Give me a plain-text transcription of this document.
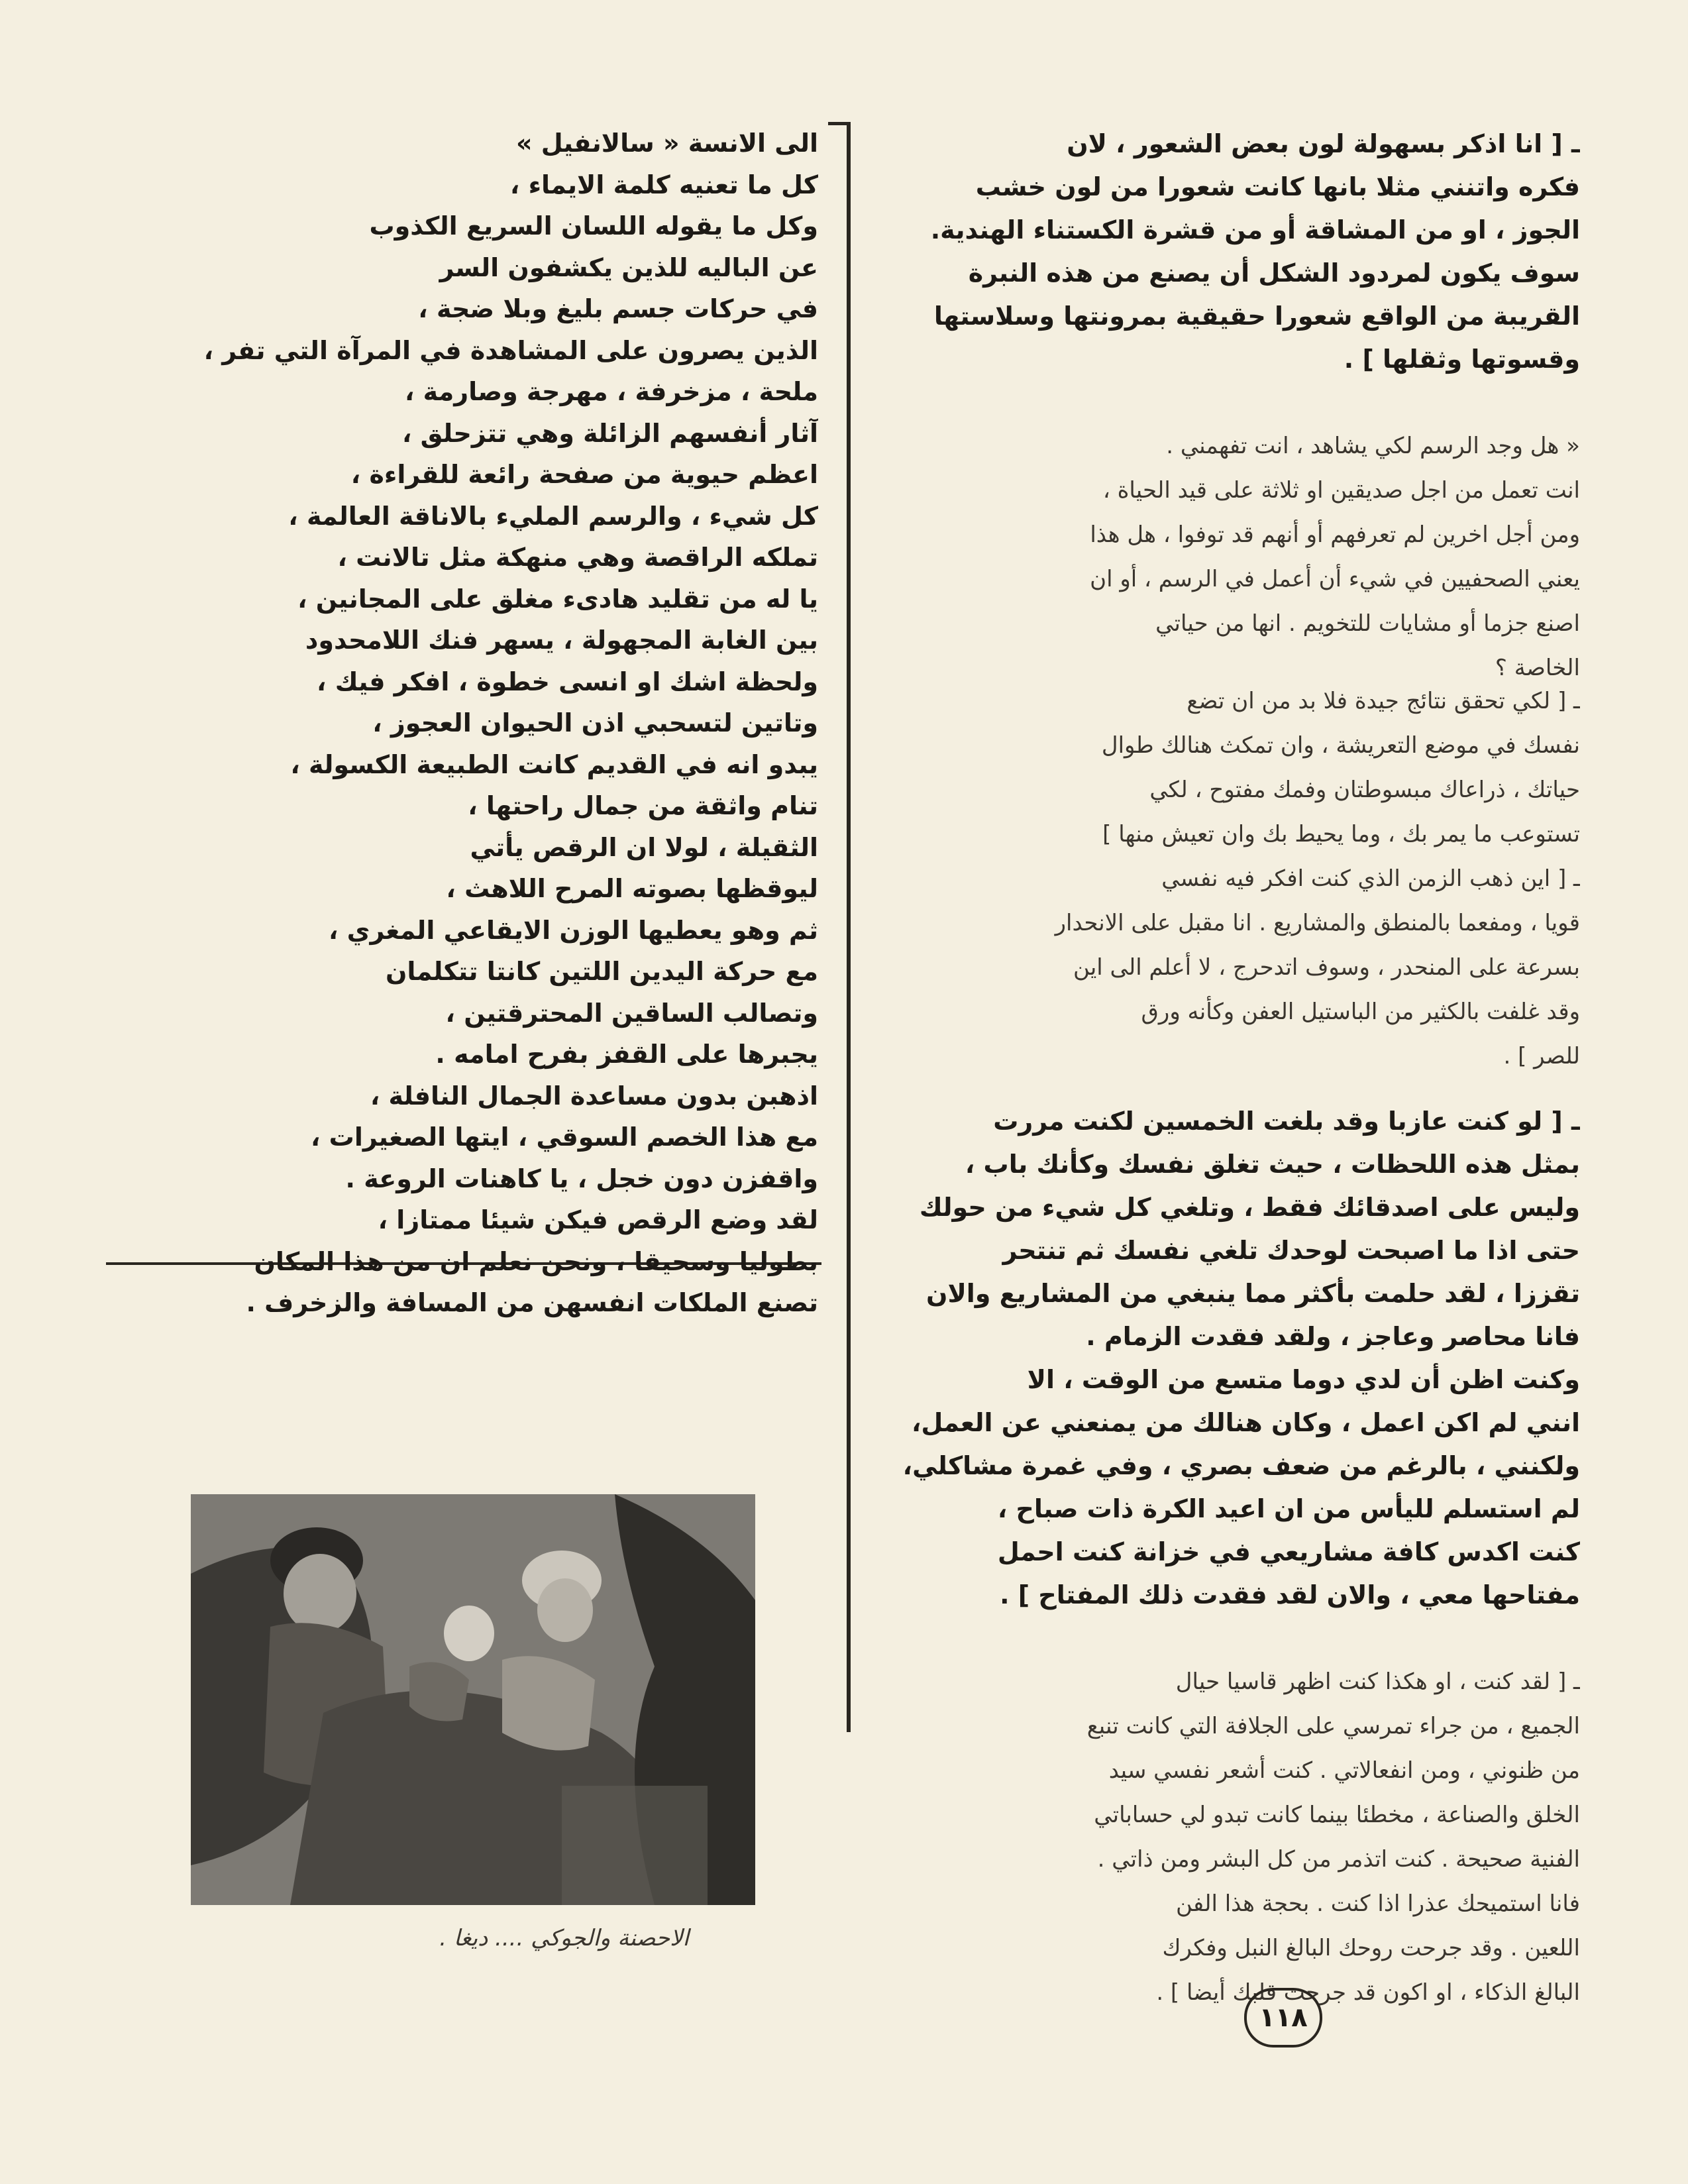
ـ [ انا اذكر بسهولة لون بعض الشعور ، لان
فكره واتنني مثلا بانها كانت شعورا من لون خشب
الجوز ، او من المشاقة أو من قشرة الكستناء الهندية.
سوف يكون لمردود الشكل أن يصنع من هذه النبرة
القريبة من الواقع شعورا حقيقية بمرونتها وسلاستها
وقسوتها وثقلها ] .
« هل وجد الرسم لكي يشاهد ، انت تفهمني .
انت تعمل من اجل صديقين او ثلاثة على قيد الحياة ،
ومن أجل اخرين لم تعرفهم أو أنهم قد توفوا ، هل هذا
يعني الصحفيين في شيء أن أعمل في الرسم ، أو ان
اصنع جزما أو مشايات للتخويم . انها من حياتي
الخاصة ؟
ـ [ لكي تحقق نتائج جيدة فلا بد من ان تضع
نفسك في موضع التعريشة ، وان تمكث هنالك طوال
حياتك ، ذراعاك مبسوطتان وفمك مفتوح ، لكي
تستوعب ما يمر بك ، وما يحيط بك وان تعيش منها ]
ـ [ اين ذهب الزمن الذي كنت افكر فيه نفسي
قويا ، ومفعما بالمنطق والمشاريع . انا مقبل على الانحدار
بسرعة على المنحدر ، وسوف اتدحرج ، لا أعلم الى اين
وقد غلفت بالكثير من الباستيل العفن وكأنه ورق
للصر ] .
ـ [ لو كنت عازبا وقد بلغت الخمسين لكنت مررت
بمثل هذه اللحظات ، حيث تغلق نفسك وكأنك باب ،
وليس على اصدقائك فقط ، وتلغي كل شيء من حولك
حتى اذا ما اصبحت لوحدك تلغي نفسك ثم تنتحر
تقززا ، لقد حلمت بأكثر مما ينبغي من المشاريع والان
فانا محاصر وعاجز ، ولقد فقدت الزمام .
وكنت اظن أن لدي دوما متسع من الوقت ، الا
انني لم اكن اعمل ، وكان هنالك من يمنعني عن العمل،
ولكنني ، بالرغم من ضعف بصري ، وفي غمرة مشاكلي،
لم استسلم لليأس من ان اعيد الكرة ذات صباح ،
كنت اكدس كافة مشاريعي في خزانة كنت احمل
مفتاحها معي ، والان لقد فقدت ذلك المفتاح ] .
ـ [ لقد كنت ، او هكذا كنت اظهر قاسيا حيال
الجميع ، من جراء تمرسي على الجلافة التي كانت تنبع
من ظنوني ، ومن انفعالاتي . كنت أشعر نفسي سيد
الخلق والصناعة ، مخطئا بينما كانت تبدو لي حساباتي
الفنية صحيحة . كنت اتذمر من كل البشر ومن ذاتي .
فانا استميحك عذرا اذا كنت . بحجة هذا الفن
اللعين . وقد جرحت روحك البالغ النبل وفكرك
البالغ الذكاء ، او اكون قد جرحت قلبك أيضا ] .
الى الانسة « سالانفيل »
كل ما تعنيه كلمة الايماء ،
وكل ما يقوله اللسان السريع الكذوب
عن الباليه للذين يكشفون السر
في حركات جسم بليغ وبلا ضجة ،
الذين يصرون على المشاهدة في المرآة التي تفر ،
ملحة ، مزخرفة ، مهرجة وصارمة ،
آثار أنفسهم الزائلة وهي تتزحلق ،
اعظم حيوية من صفحة رائعة للقراءة ،
كل شيء ، والرسم المليء بالاناقة العالمة ،
تملكه الراقصة وهي منهكة مثل تالانت ،
يا له من تقليد هادىء مغلق على المجانين ،
بين الغابة المجهولة ، يسهر فنك اللامحدود
ولحظة اشك او انسى خطوة ، افكر فيك ،
وتاتين لتسحبي اذن الحيوان العجوز ،
يبدو انه في القديم كانت الطبيعة الكسولة ،
تنام واثقة من جمال راحتها ،
الثقيلة ، لولا ان الرقص يأتي
ليوقظها بصوته المرح اللاهث ،
ثم وهو يعطيها الوزن الايقاعي المغري ،
مع حركة اليدين اللتين كانتا تتكلمان
وتصالب الساقين المحترقتين ،
يجبرها على القفز بفرح امامه .
اذهبن بدون مساعدة الجمال النافلة ،
مع هذا الخصم السوقي ، ايتها الصغيرات ،
واقفزن دون خجل ، يا كاهنات الروعة .
لقد وضع الرقص فيكن شيئا ممتازا ،
بطوليا وسحيقا ، ونحن نعلم ان من هذا المكان
تصنع الملكات انفسهن من المسافة والزخرف .
الاحصنة والجوكي .... ديغا .
١١٨
